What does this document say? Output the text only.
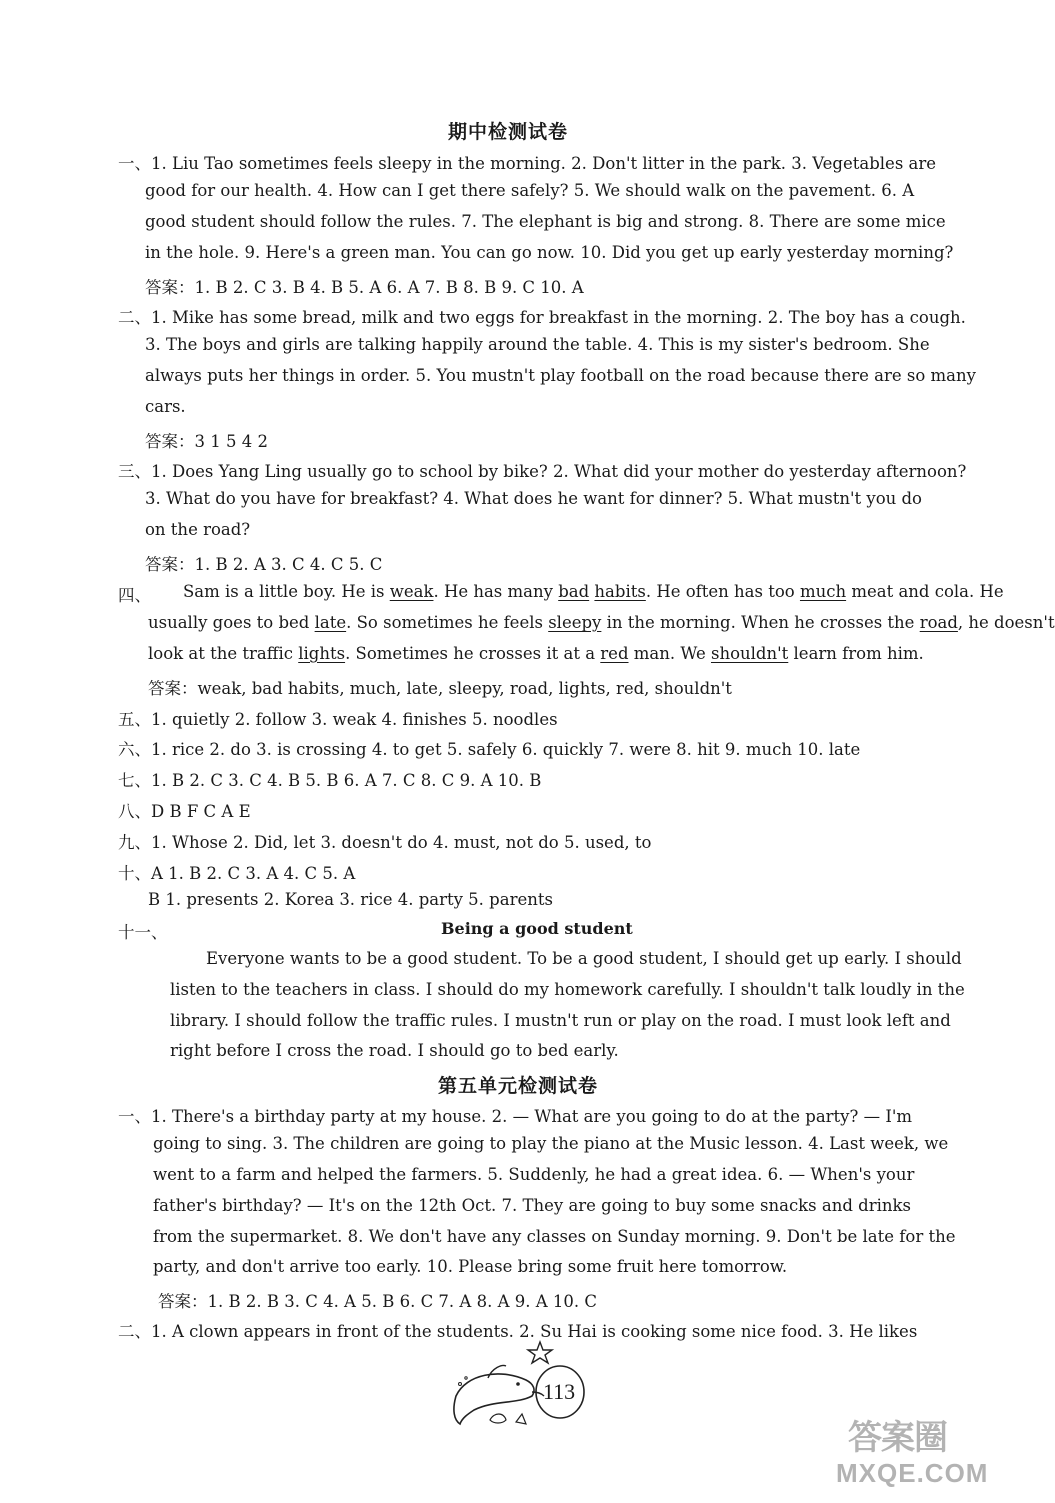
期中检测试卷
一、1. Liu Tao sometimes feels sleepy in the morning. 2. Don't litter in the park. 3. Vegetables are
good for our health. 4. How can I get there safely? 5. We should walk on the pavement. 6. A
good student should follow the rules. 7. The elephant is big and strong. 8. There are some mice
in the hole. 9. Here's a green man. You can go now. 10. Did you get up early yesterday morning?
答案：1. B 2. C 3. B 4. B 5. A 6. A 7. B 8. B 9. C 10. A
二、1. Mike has some bread, milk and two eggs for breakfast in the morning. 2. The boy has a cough.
3. The boys and girls are talking happily around the table. 4. This is my sister's bedroom. She
always puts her things in order. 5. You mustn't play football on the road because there are so many
cars.
答案：3 1 5 4 2
三、1. Does Yang Ling usually go to school by bike? 2. What did your mother do yesterday afternoon?
3. What do you have for breakfast? 4. What does he want for dinner? 5. What mustn't you do
on the road?
答案：1. B 2. A 3. C 4. C 5. C
四、 Sam is a little boy. He is weak. He has many bad habits. He often has too much meat and cola. He
usually goes to bed late. So sometimes he feels sleepy in the morning. When he crosses the road, he doesn't
look at the traffic lights. Sometimes he crosses it at a red man. We shouldn't learn from him.
答案：weak, bad habits, much, late, sleepy, road, lights, red, shouldn't
五、1. quietly 2. follow 3. weak 4. finishes 5. noodles
六、1. rice 2. do 3. is crossing 4. to get 5. safely 6. quickly 7. were 8. hit 9. much 10. late
七、1. B 2. C 3. C 4. B 5. B 6. A 7. C 8. C 9. A 10. B
八、D B F C A E
九、1. Whose 2. Did, let 3. doesn't do 4. must, not do 5. used, to
十、A 1. B 2. C 3. A 4. C 5. A
B 1. presents 2. Korea 3. rice 4. party 5. parents
十一、	Being a good student
Everyone wants to be a good student. To be a good student, I should get up early. I should
listen to the teachers in class. I should do my homework carefully. I shouldn't talk loudly in the
library. I should follow the traffic rules. I mustn't run or play on the road. I must look left and
right before I cross the road. I should go to bed early.
第五单元检测试卷
一、1. There's a birthday party at my house. 2. — What are you going to do at the party? — I'm
going to sing. 3. The children are going to play the piano at the Music lesson. 4. Last week, we
went to a farm and helped the farmers. 5. Suddenly, he had a great idea. 6. — When's your
father's birthday? — It's on the 12th Oct. 7. They are going to buy some snacks and drinks
from the supermarket. 8. We don't have any classes on Sunday morning. 9. Don't be late for the
party, and don't arrive too early. 10. Please bring some fruit here tomorrow.
答案：1. B 2. B 3. C 4. A 5. B 6. C 7. A 8. A 9. A 10. C
二、1. A clown appears in front of the students. 2. Su Hai is cooking some nice food. 3. He likes
113
答案圈
MXQE.COM
